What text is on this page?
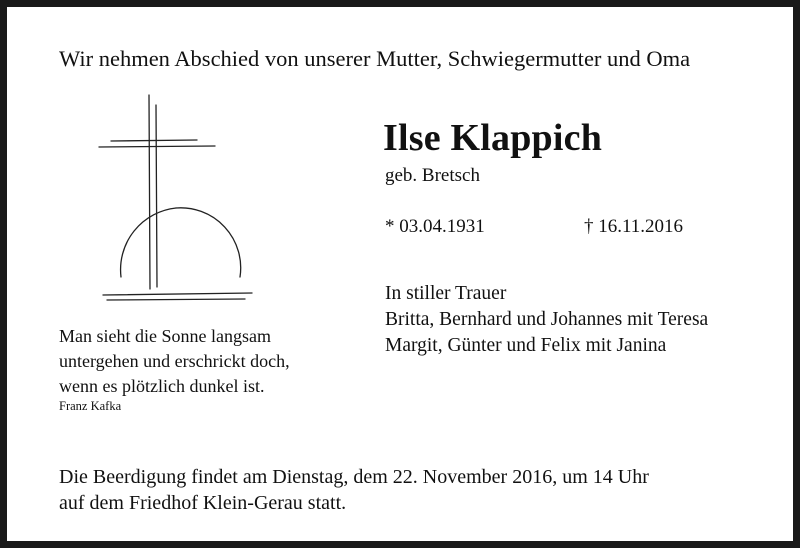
Wir nehmen Abschied von unserer Mutter, Schwiegermutter und Oma
Ilse Klappich
geb. Bretsch
* 03.04.1931	† 16.11.2016
In stiller Trauer
Britta, Bernhard und Johannes mit Teresa
Margit, Günter und Felix mit Janina
Man sieht die Sonne langsam
untergehen und erschrickt doch,
wenn es plötzlich dunkel ist.
Franz Kafka
Die Beerdigung findet am Dienstag, dem 22. November 2016, um 14 Uhr
auf dem Friedhof Klein-Gerau statt.
